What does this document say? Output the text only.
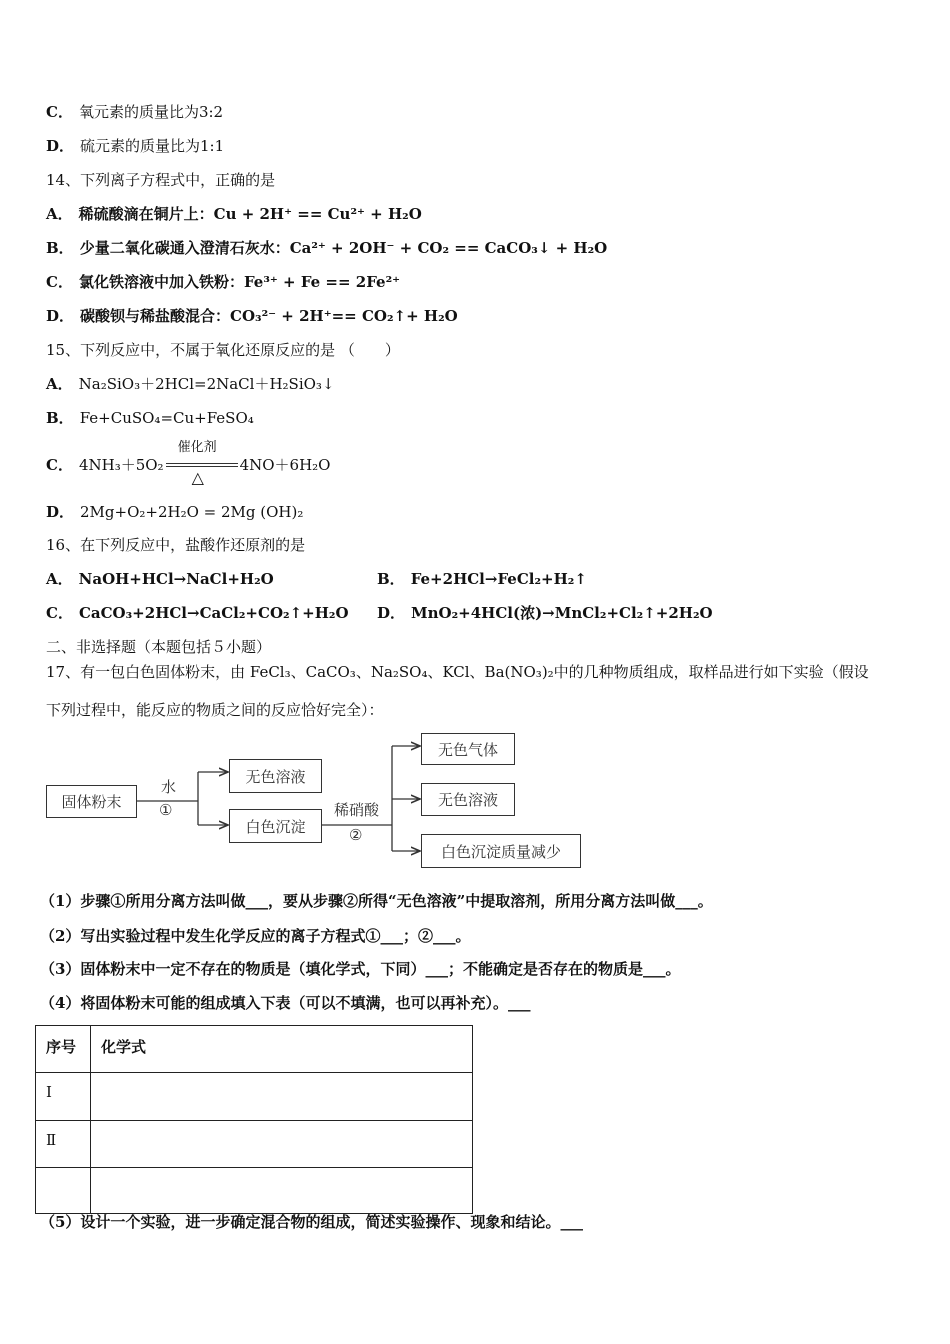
C． 氧元素的质量比为3:2
D． 硫元素的质量比为1:1
14、下列离子方程式中，正确的是
A． 稀硫酸滴在铜片上：Cu + 2H⁺ == Cu²⁺ + H₂O
B． 少量二氧化碳通入澄清石灰水：Ca²⁺ + 2OH⁻ + CO₂ == CaCO₃↓ + H₂O
C． 氯化铁溶液中加入铁粉：Fe³⁺ + Fe == 2Fe²⁺
D． 碳酸钡与稀盐酸混合：CO₃²⁻ + 2H⁺== CO₂↑+ H₂O
15、下列反应中，不属于氧化还原反应的是 （　　）
A． Na₂SiO₃＋2HCl=2NaCl＋H₂SiO₃↓
B． Fe+CuSO₄=Cu+FeSO₄
C． 4NH₃＋5O₂
催化剂
△
4NO＋6H₂O
D． 2Mg+O₂+2H₂O = 2Mg (OH)₂
16、在下列反应中，盐酸作还原剂的是
A． NaOH+HCl→NaCl+H₂O	B． Fe+2HCl→FeCl₂+H₂↑
C． CaCO₃+2HCl→CaCl₂+CO₂↑+H₂O D． MnO₂+4HCl(浓)→MnCl₂+Cl₂↑+2H₂O
二、非选择题（本题包括５小题）
17、有一包白色固体粉末，由 FeCl₃、CaCO₃、Na₂SO₄、KCl、Ba(NO₃)₂中的几种物质组成，取样品进行如下实验（假设
下列过程中，能反应的物质之间的反应恰好完全）：
固体粉末
无色溶液
白色沉淀
无色气体
无色溶液
白色沉淀质量减少
水
①	稀硝酸
②
（1）步骤①所用分离方法叫做___，要从步骤②所得“无色溶液”中提取溶剂，所用分离方法叫做___。
（2）写出实验过程中发生化学反应的离子方程式①___；②___。
（3）固体粉末中一定不存在的物质是（填化学式，下同）___；不能确定是否存在的物质是___。
（4）将固体粉末可能的组成填入下表（可以不填满，也可以再补充）。___
序号	化学式
Ⅰ	
Ⅱ	

（5）设计一个实验，进一步确定混合物的组成，简述实验操作、现象和结论。___
